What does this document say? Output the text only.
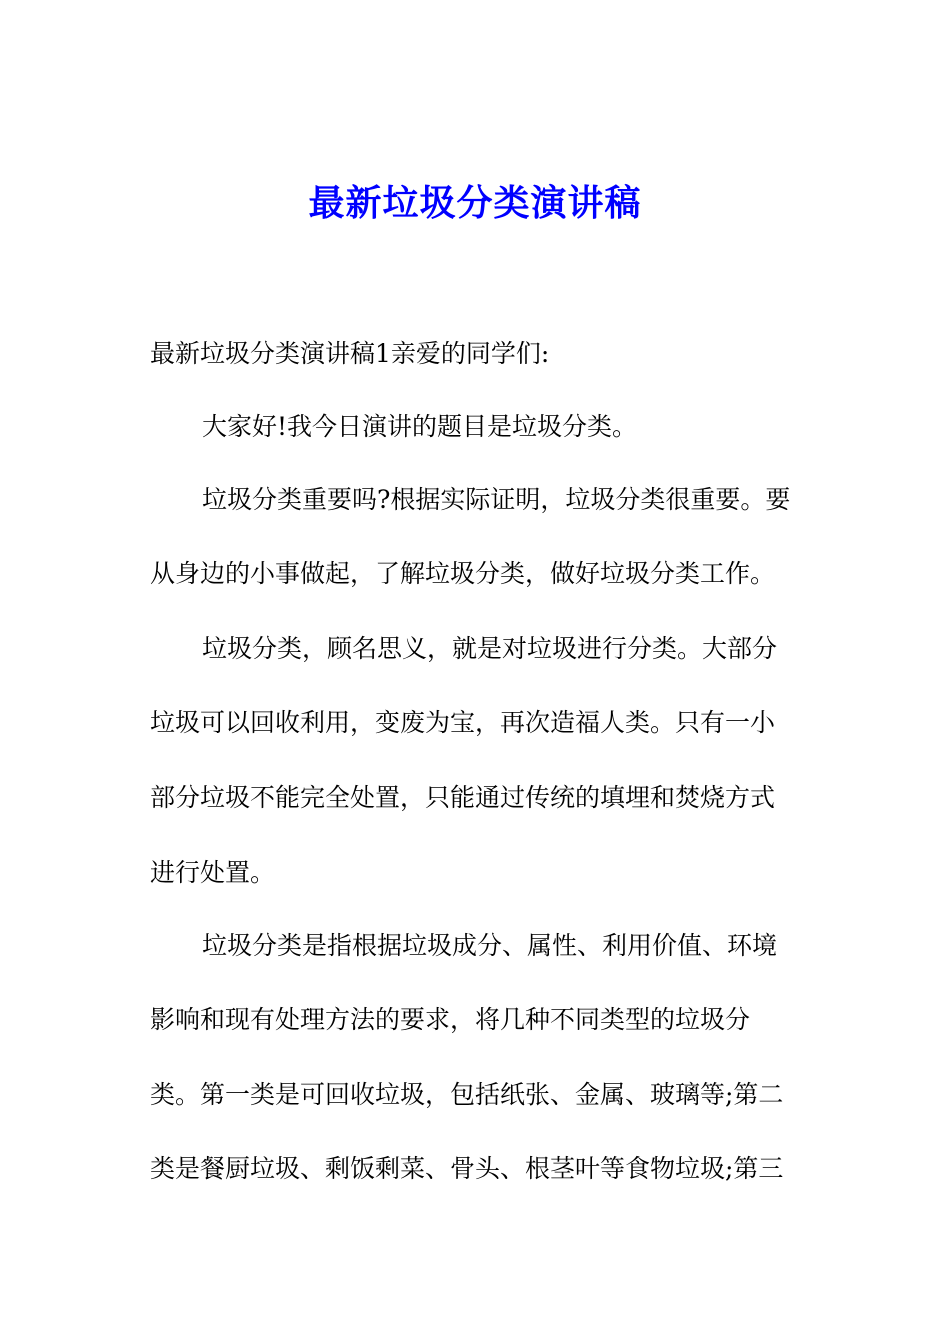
最新垃圾分类演讲稿

最新垃圾分类演讲稿1亲爱的同学们:

大家好!我今日演讲的题目是垃圾分类。

垃圾分类重要吗?根据实际证明，垃圾分类很重要。要

从身边的小事做起，了解垃圾分类，做好垃圾分类工作。

垃圾分类，顾名思义，就是对垃圾进行分类。大部分

垃圾可以回收利用，变废为宝，再次造福人类。只有一小

部分垃圾不能完全处置，只能通过传统的填埋和焚烧方式

进行处置。

垃圾分类是指根据垃圾成分、属性、利用价值、环境

影响和现有处理方法的要求，将几种不同类型的垃圾分

类。第一类是可回收垃圾，包括纸张、金属、玻璃等;第二

类是餐厨垃圾、剩饭剩菜、骨头、根茎叶等食物垃圾;第三
